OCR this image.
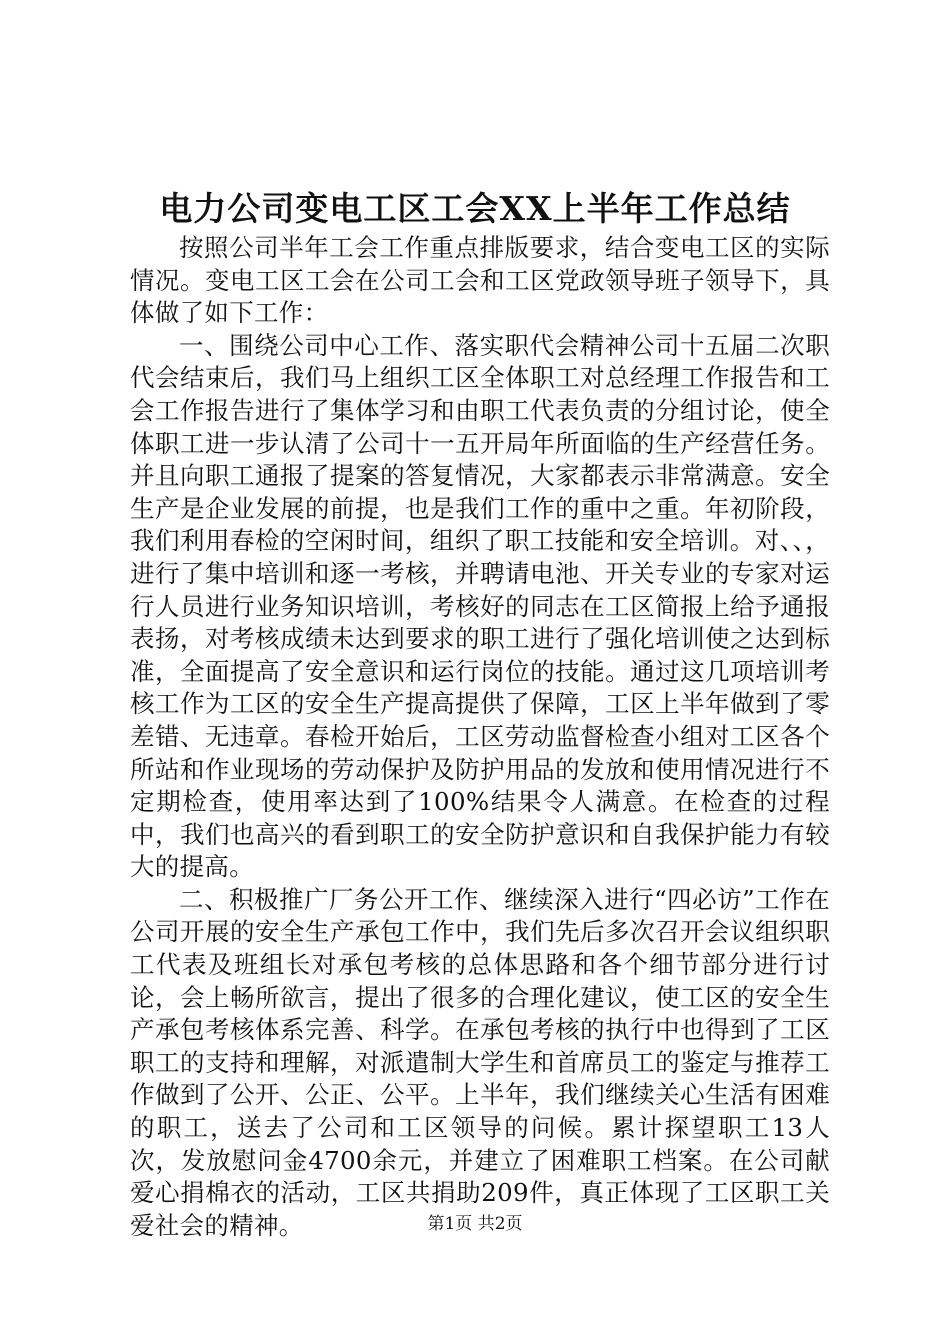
电力公司变电工区工会XX上半年工作总结

按照公司半年工会工作重点排版要求，结合变电工区的实际情况。变电工区工会在公司工会和工区党政领导班子领导下，具体做了如下工作：

一、围绕公司中心工作、落实职代会精神公司十五届二次职代会结束后，我们马上组织工区全体职工对总经理工作报告和工会工作报告进行了集体学习和由职工代表负责的分组讨论，使全体职工进一步认清了公司十一五开局年所面临的生产经营任务。并且向职工通报了提案的答复情况，大家都表示非常满意。安全生产是企业发展的前提，也是我们工作的重中之重。年初阶段，我们利用春检的空闲时间，组织了职工技能和安全培训。对、、，进行了集中培训和逐一考核，并聘请电池、开关专业的专家对运行人员进行业务知识培训，考核好的同志在工区简报上给予通报表扬，对考核成绩未达到要求的职工进行了强化培训使之达到标准，全面提高了安全意识和运行岗位的技能。通过这几项培训考核工作为工区的安全生产提高提供了保障，工区上半年做到了零差错、无违章。春检开始后，工区劳动监督检查小组对工区各个所站和作业现场的劳动保护及防护用品的发放和使用情况进行不定期检查，使用率达到了100%结果令人满意。在检查的过程中，我们也高兴的看到职工的安全防护意识和自我保护能力有较大的提高。

二、积极推广厂务公开工作、继续深入进行“四必访”工作在公司开展的安全生产承包工作中，我们先后多次召开会议组织职工代表及班组长对承包考核的总体思路和各个细节部分进行讨论，会上畅所欲言，提出了很多的合理化建议，使工区的安全生产承包考核体系完善、科学。在承包考核的执行中也得到了工区职工的支持和理解，对派遣制大学生和首席员工的鉴定与推荐工作做到了公开、公正、公平。上半年，我们继续关心生活有困难的职工，送去了公司和工区领导的问候。累计探望职工13人次，发放慰问金4700余元，并建立了困难职工档案。在公司献爱心捐棉衣的活动，工区共捐助209件，真正体现了工区职工关爱社会的精神。	第1页 共2页
